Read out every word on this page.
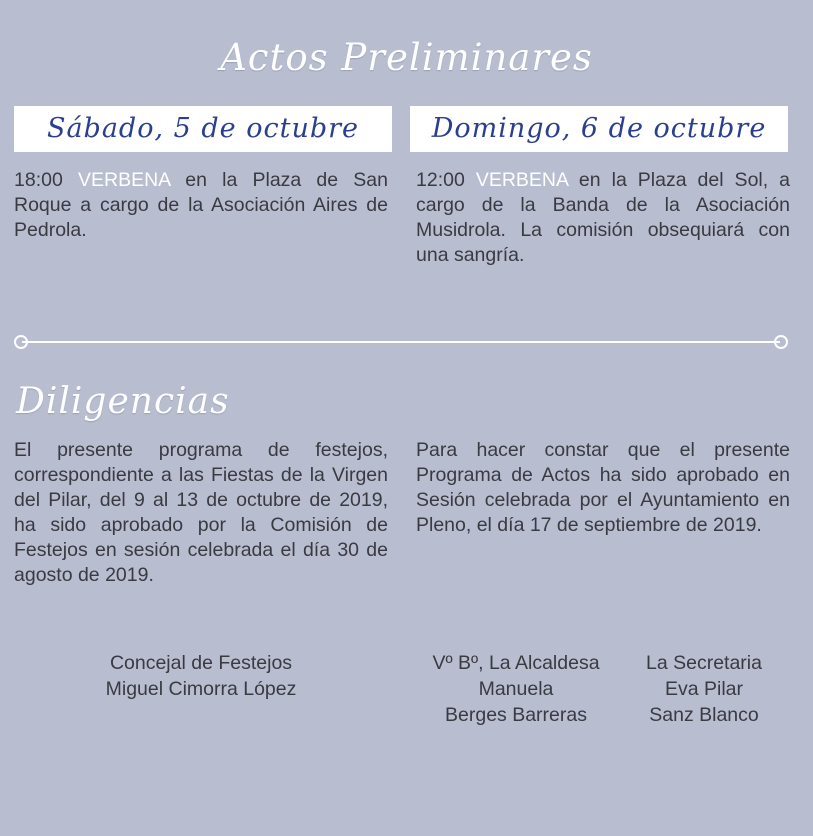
Actos Preliminares
Sábado, 5 de octubre	Domingo, 6 de octubre

18:00 VERBENA en la Plaza de San Roque a cargo de la Asociación Aires de Pedrola.

12:00 VERBENA en la Plaza del Sol, a cargo de la Banda de la Asociación Musidrola. La comisión obsequiará con una sangría.

Diligencias

El presente programa de festejos, correspondiente a las Fiestas de la Virgen del Pilar, del 9 al 13 de octubre de 2019, ha sido aprobado por la Comisión de Festejos en sesión celebrada el día 30 de agosto de 2019.

Para hacer constar que el presente Programa de Actos ha sido aprobado en Sesión celebrada por el Ayuntamiento en Pleno, el día 17 de septiembre de 2019.

Concejal de Festejos
Miguel Cimorra López
Vº Bº, La Alcaldesa
Manuela
Berges Barreras
La Secretaria
Eva Pilar
Sanz Blanco
